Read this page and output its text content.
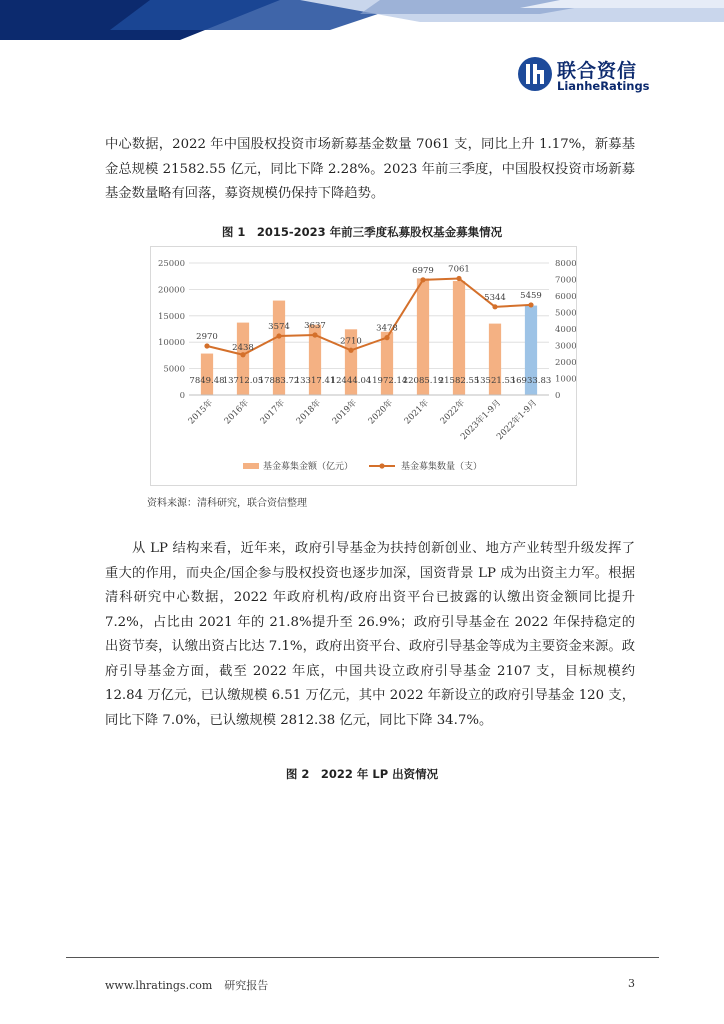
联合资信
LianheRatings

中心数据，2022 年中国股权投资市场新募基金数量 7061 支，同比上升 1.17%，新募基金总规模 21582.55 亿元，同比下降 2.28%。2023 年前三季度，中国股权投资市场新募基金数量略有回落，募资规模仍保持下降趋势。

图 1　2015-2023 年前三季度私募股权基金募集情况
0
5000
10000
15000
20000
25000
0
1000
2000
3000
4000
5000
6000
7000
8000
7849.48
13712.05
17883.72
13317.41
12444.04
11972.14
22085.19
21582.55
13521.53
16933.83
2970
2438
3574 3637
2710
3478
6979 7061
5344 5459
2015年 2016年 2017年 2018年 2019年 2020年 2021年 2022年
2023年1-9月
2022年1-9月
基金募集金额（亿元）	基金募集数量（支）
资料来源：清科研究，联合资信整理

从 LP 结构来看，近年来，政府引导基金为扶持创新创业、地方产业转型升级发挥了重大的作用，而央企/国企参与股权投资也逐步加深，国资背景 LP 成为出资主力军。根据清科研究中心数据，2022 年政府机构/政府出资平台已披露的认缴出资金额同比提升 7.2%，占比由 2021 年的 21.8%提升至 26.9%；政府引导基金在 2022 年保持稳定的出资节奏，认缴出资占比达 7.1%，政府出资平台、政府引导基金等成为主要资金来源。政府引导基金方面，截至 2022 年底，中国共设立政府引导基金 2107 支，目标规模约 12.84 万亿元，已认缴规模 6.51 万亿元，其中 2022 年新设立的政府引导基金 120 支，同比下降 7.0%，已认缴规模 2812.38 亿元，同比下降 34.7%。

图 2　2022 年 LP 出资情况
www.lhratings.com 研究报告	3
